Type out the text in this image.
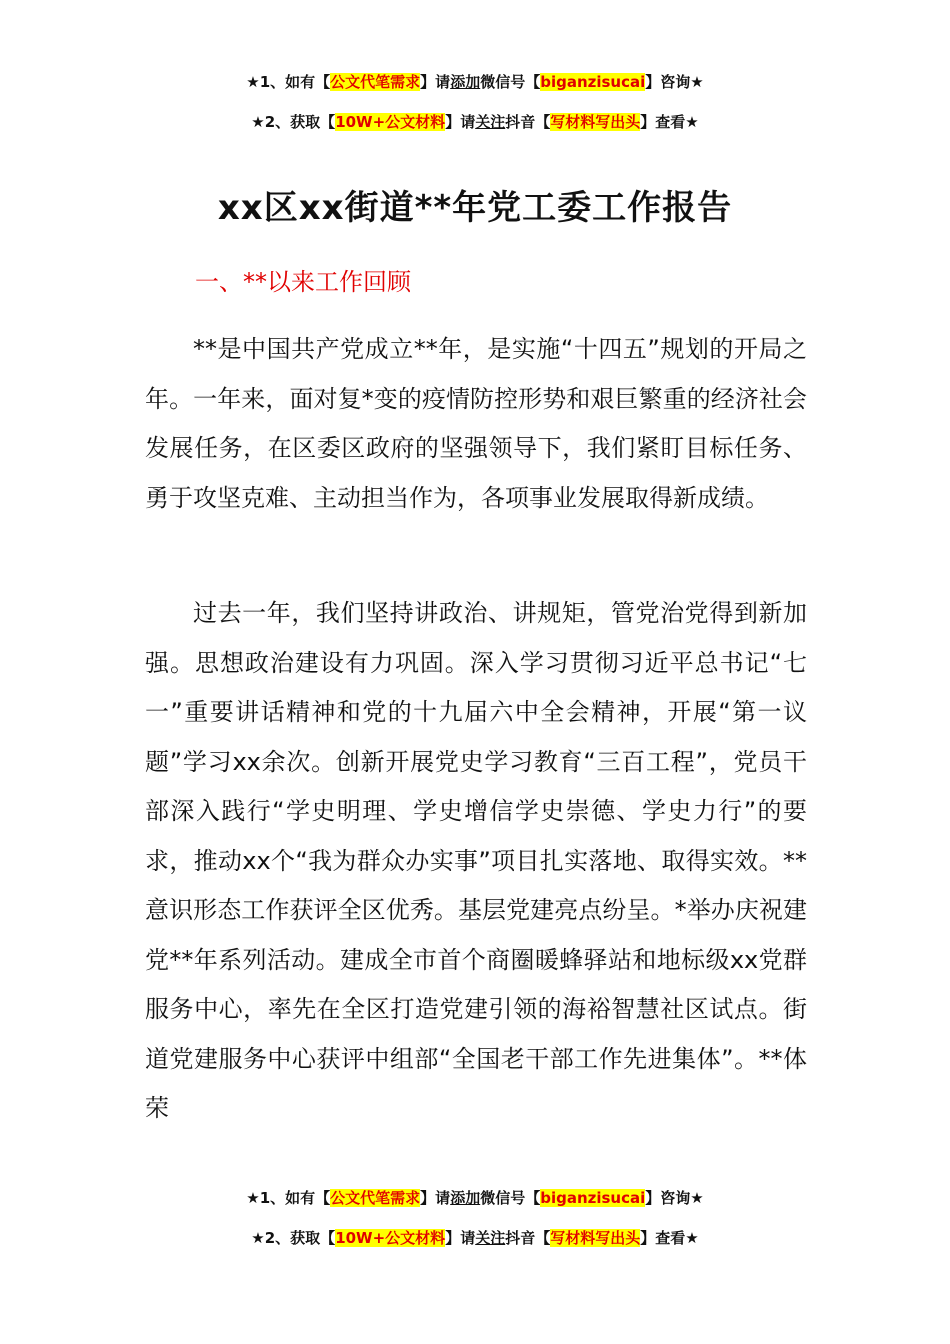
★1、如有【公文代笔需求】请添加微信号【biganzisucai】咨询★
★2、获取【10W+公文材料】请关注抖音【写材料写出头】查看★
xx区xx街道**年党工委工作报告
一、**以来工作回顾

**是中国共产党成立**年，是实施“十四五”规划的开局之年。一年来，面对复*变的疫情防控形势和艰巨繁重的经济社会发展任务，在区委区政府的坚强领导下，我们紧盯目标任务、勇于攻坚克难、主动担当作为，各项事业发展取得新成绩。

过去一年，我们坚持讲政治、讲规矩，管党治党得到新加强。思想政治建设有力巩固。深入学习贯彻习近平总书记“七一”重要讲话精神和党的十九届六中全会精神，开展“第一议题”学习xx余次。创新开展党史学习教育“三百工程”，党员干部深入践行“学史明理、学史增信学史崇德、学史力行”的要求，推动xx个“我为群众办实事”项目扎实落地、取得实效。**意识形态工作获评全区优秀。基层党建亮点纷呈。*举办庆祝建党**年系列活动。建成全市首个商圈暖蜂驿站和地标级xx党群服务中心，率先在全区打造党建引领的海裕智慧社区试点。街道党建服务中心获评中组部“全国老干部工作先进集体”。**体荣

★1、如有【公文代笔需求】请添加微信号【biganzisucai】咨询★
★2、获取【10W+公文材料】请关注抖音【写材料写出头】查看★
